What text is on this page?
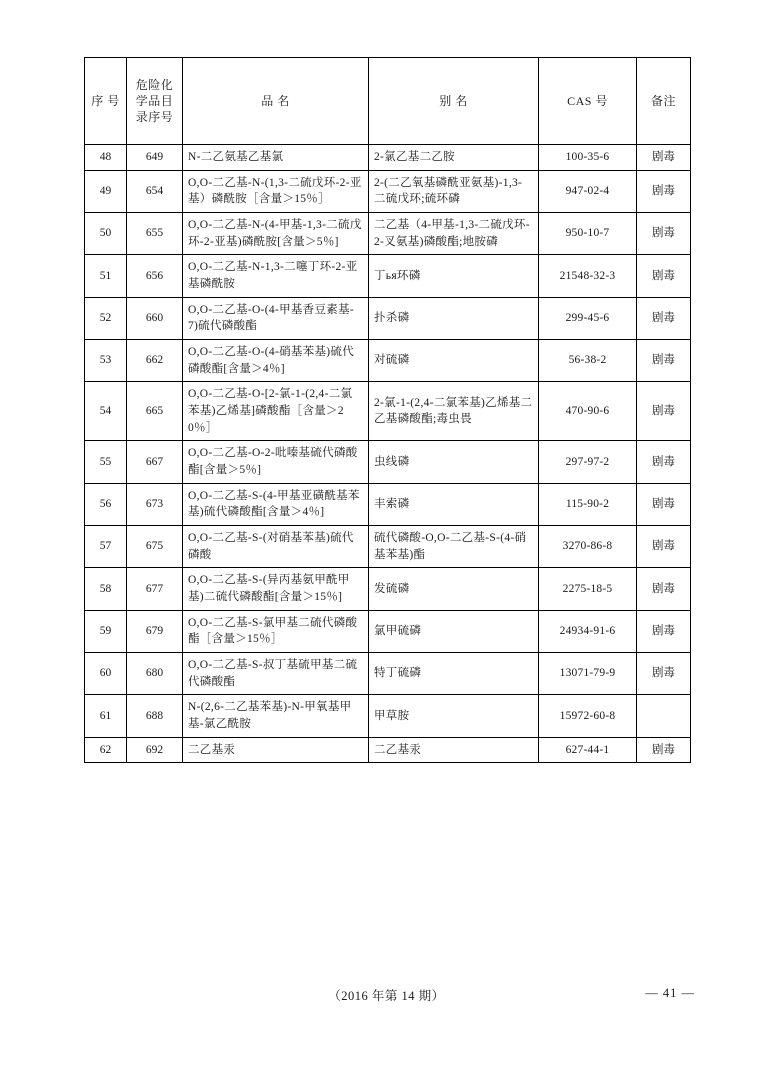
序 号	危险化学品目录序号	品 名	别 名	CAS 号	备注

48	649	N-二乙氨基乙基氯	2-氯乙基二乙胺	100-35-6	剧毒
49	654	O,O-二乙基-N-(1,3-二硫戊环-2-亚基）磷酰胺［含量＞15％］	2-(二乙氧基磷酰亚氨基)-1,3-二硫戊环;硫环磷	947-02-4	剧毒
50	655	O,O-二乙基-N-(4-甲基-1,3-二硫戊环-2-亚基)磷酰胺[含量＞5％]	二乙基（4-甲基-1,3-二硫戊环-2-叉氨基)磷酸酯;地胺磷	950-10-7	剧毒
51	656	O,O-二乙基-N-1,3-二噻丁环-2-亚基磷酰胺	丁ья环磷	21548-32-3	剧毒
52	660	O,O-二乙基-O-(4-甲基香豆素基-7)硫代磷酸酯	扑杀磷	299-45-6	剧毒
53	662	O,O-二乙基-O-(4-硝基苯基)硫代磷酸酯[含量＞4％]	对硫磷	56-38-2	剧毒
54	665	O,O-二乙基-O-[2-氯-1-(2,4-二氯苯基)乙烯基]磷酸酯［含量＞20％］	2-氯-1-(2,4-二氯苯基)乙烯基二乙基磷酸酯;毒虫畏	470-90-6	剧毒
55	667	O,O-二乙基-O-2-吡嗪基硫代磷酸酯[含量＞5％]	虫线磷	297-97-2	剧毒
56	673	O,O-二乙基-S-(4-甲基亚磺酰基苯基)硫代磷酸酯[含量＞4％]	丰索磷	115-90-2	剧毒
57	675	O,O-二乙基-S-(对硝基苯基)硫代磷酸	硫代磷酸-O,O-二乙基-S-(4-硝基苯基)酯	3270-86-8	剧毒
58	677	O,O-二乙基-S-(异丙基氨甲酰甲基)二硫代磷酸酯[含量＞15％]	发硫磷	2275-18-5	剧毒
59	679	O,O-二乙基-S-氯甲基二硫代磷酸酯［含量＞15％］	氯甲硫磷	24934-91-6	剧毒
60	680	O,O-二乙基-S-叔丁基硫甲基二硫代磷酸酯	特丁硫磷	13071-79-9	剧毒
61	688	N-(2,6-二乙基苯基)-N-甲氧基甲基-氯乙酰胺	甲草胺	15972-60-8	
62	692	二乙基汞	二乙基汞	627-44-1	剧毒
（2016 年第 14 期）	— 41 —
